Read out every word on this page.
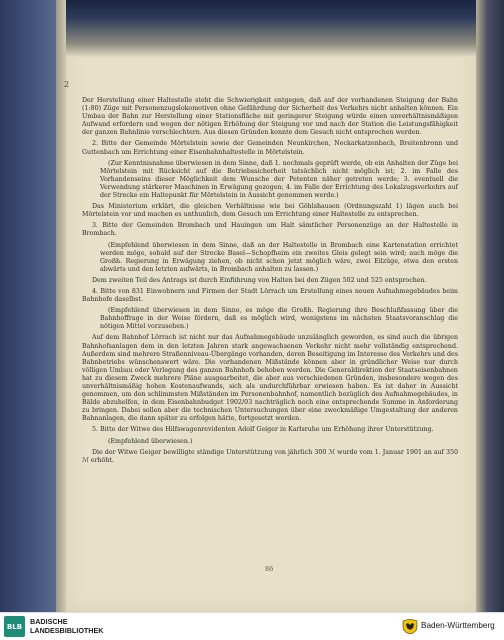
2

Der Herstellung einer Haltestelle steht die Schwierigkeit entgegen, daß auf der vorhandenen Steigung der Bahn (1:80) Züge mit Personenzugslokomotiven ohne Gefährdung der Sicherheit des Verkehrs nicht anhalten können. Ein Umbau der Bahn zur Herstellung einer Stationsfläche mit geringerer Steigung würde einen unverhältnismäßigen Aufwand erfordern und wegen der nötigen Erhöhung der Steigung vor und nach der Station die Leistungsfähigkeit der ganzen Bahnlinie verschlechtern. Aus diesen Gründen konnte dem Gesuch nicht entsprochen werden.

2. Bitte der Gemeinde Mörtelstein sowie der Gemeinden Neunkirchen, Neckarkatzenbach, Breitenbronn und Guttenbach um Errichtung einer Eisenbahnhaltestelle in Mörtelstein.

(Zur Kenntnisnahme überwiesen in dem Sinne, daß 1. nochmals geprüft werde, ob ein Anhalten der Züge bei Mörtelstein mit Rücksicht auf die Betriebssicherheit tatsächlich nicht möglich ist; 2. im Falle des Vorhandenseins dieser Möglichkeit dem Wunsche der Petenten näher getreten werde; 3. eventuell die Verwendung stärkerer Maschinen in Erwägung gezogen; 4. im Falle der Errichtung des Lokalzugsverkehrs auf der Strecke ein Haltepunkt für Mörtelstein in Aussicht genommen werde.)

Das Ministerium erklärt, die gleichen Verhältnisse wie bei Göhlshausen (Ordnungszahl 1) lägen auch bei Mörtelstein vor und machen es unthunlich, dem Gesuch um Errichtung einer Haltestelle zu entsprechen.

3. Bitte der Gemeinden Brombach und Hauingen um Halt sämtlicher Personenzüge an der Haltestelle in Brombach.

(Empfehlend überwiesen in dem Sinne, daß an der Haltestelle in Brombach eine Kartenstation errichtet werden möge, sobald auf der Strecke Basel—Schopfheim ein zweites Gleis gelegt sein wird; auch möge die Großh. Regierung in Erwägung ziehen, ob nicht schon jetzt möglich wäre, zwei Eilzüge, etwa den ersten abwärts und den letzten aufwärts, in Brombach anhalten zu lassen.)

Dem zweiten Teil des Antrags ist durch Einführung von Halten bei den Zügen 502 und 525 entsprochen.

4. Bitte von 831 Einwohnern und Firmen der Stadt Lörrach um Erstellung eines neuen Aufnahmegebäudes beim Bahnhofe daselbst.

(Empfehlend überwiesen in dem Sinne, es möge die Großh. Regierung ihre Beschlußfassung über die Bahnhoffrage in der Weise fördern, daß es möglich wird, wenigstens im nächsten Staatsvoranschlag die nötigen Mittel vorzusehen.)

Auf dem Bahnhof Lörrach ist nicht nur das Aufnahmegebäude unzulänglich geworden, es sind auch die übrigen Bahnhofsanlagen dem in den letzten Jahren stark angewachsenen Verkehr nicht mehr vollständig entsprechend. Außerdem sind mehrere Straßenniveau-Übergänge vorhanden, deren Beseitigung im Interesse des Verkehrs und des Bahnbetriebs wünschenswert wäre. Die vorhandenen Mißstände können aber in gründlicher Weise nur durch völligen Umbau oder Verlegung des ganzen Bahnhofs behoben werden. Die Generaldirektion der Staatseisenbahnen hat zu diesem Zweck mehrere Pläne ausgearbeitet, die aber aus verschiedenen Gründen, insbesondere wegen des unverhältnismäßig hohen Kostenaufwands, sich als undurchführbar erwiesen haben. Es ist daher in Aussicht genommen, um den schlimmsten Mißständen im Personenbahnhof, namentlich bezüglich des Aufnahmegebäudes, in Bälde abzuhelfen, in dem Eisenbahnbudget 1902/03 nachträglich noch eine entsprechende Summe in Anforderung zu bringen. Dabei sollen aber die technischen Untersuchungen über eine zweckmäßige Umgestaltung der anderen Bahnanlagen, die dann später zu erfolgen hätte, fortgesetzt werden.

5. Bitte der Witwe des Hilfswagenrevidenten Adolf Geiger in Karlsruhe um Erhöhung ihrer Unterstützung.

(Empfehlend überwiesen.)

Die der Witwe Geiger bewilligte ständige Unterstützung von jährlich 300 ℳ wurde vom 1. Januar 1901 an auf 350 ℳ erhöht.

86
BLB
BADISCHE
LANDESBIBLIOTHEK	Baden-Württemberg
